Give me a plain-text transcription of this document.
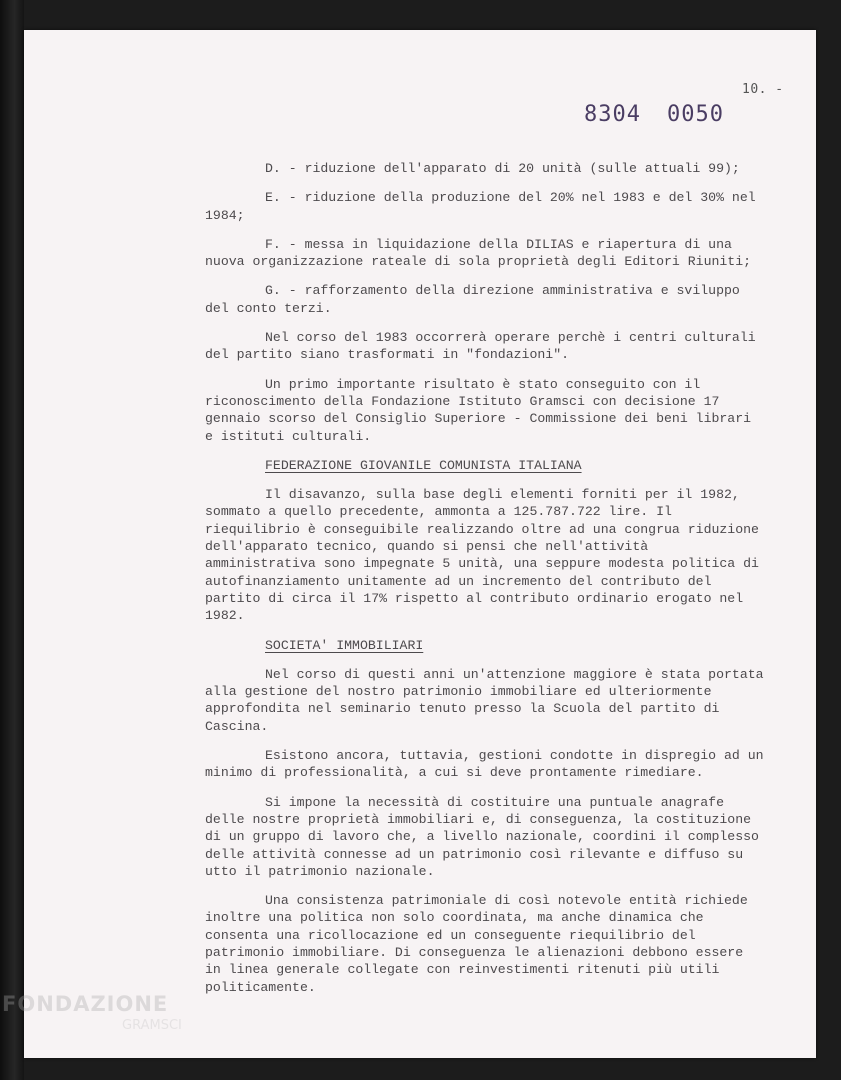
10. -
8304 0050

D. - riduzione dell'apparato di 20 unità (sulle attuali 99);

E. - riduzione della produzione del 20% nel 1983 e del 30% nel 1984;

F. - messa in liquidazione della DILIAS e riapertura di una nuova organizzazione rateale di sola proprietà degli Editori Riuniti;

G. - rafforzamento della direzione amministrativa e sviluppo del conto terzi.

Nel corso del 1983 occorrerà operare perchè i centri culturali del partito siano trasformati in "fondazioni".

Un primo importante risultato è stato conseguito con il riconoscimento della Fondazione Istituto Gramsci con decisione 17 gennaio scorso del Consiglio Superiore - Commissione dei beni librari e istituti culturali.

FEDERAZIONE GIOVANILE COMUNISTA ITALIANA

Il disavanzo, sulla base degli elementi forniti per il 1982, sommato a quello precedente, ammonta a 125.787.722 lire. Il riequilibrio è conseguibile realizzando oltre ad una congrua riduzione dell'apparato tecnico, quando si pensi che nell'attività amministrativa sono impegnate 5 unità, una seppure modesta politica di autofinanziamento unitamente ad un incremento del contributo del partito di circa il 17% rispetto al contributo ordinario erogato nel 1982.

SOCIETA' IMMOBILIARI

Nel corso di questi anni un'attenzione maggiore è stata portata alla gestione del nostro patrimonio immobiliare ed ulteriormente approfondita nel seminario tenuto presso la Scuola del partito di Cascina.

Esistono ancora, tuttavia, gestioni condotte in dispregio ad un minimo di professionalità, a cui si deve prontamente rimediare.

Si impone la necessità di costituire una puntuale anagrafe delle nostre proprietà immobiliari e, di conseguenza, la costituzione di un gruppo di lavoro che, a livello nazionale, coordini il complesso delle attività connesse ad un patrimonio così rilevante e diffuso su utto il patrimonio nazionale.

Una consistenza patrimoniale di così notevole entità richiede inoltre una politica non solo coordinata, ma anche dinamica che consenta una ricollocazione ed un conseguente riequilibrio del patrimonio immobiliare. Di conseguenza le alienazioni debbono essere in linea generale collegate con reinvestimenti ritenuti più utili politicamente.

FONDAZIONE
GRAMSCI
